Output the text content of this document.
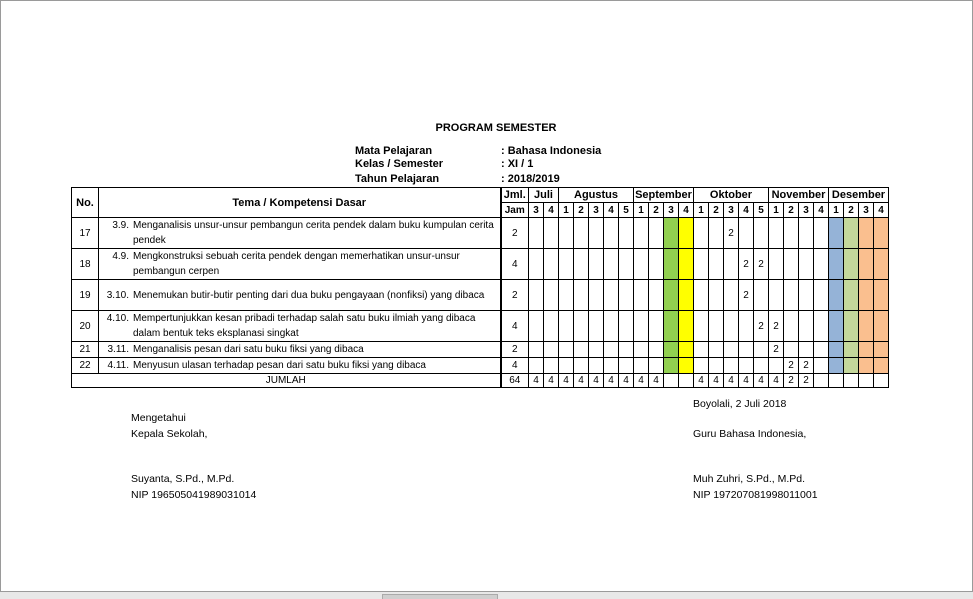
PROGRAM SEMESTER
Mata Pelajaran	: Bahasa Indonesia
Kelas / Semester	: XI / 1
Tahun Pelajaran	: 2018/2019
No.	Tema / Kompetensi Dasar	Jml.	Juli		Agustus					September				Oktober					November				Desember			
		Jam	3	4	1	2	3	4	5	1	2	3	4	1	2	3	4	5	1	2	3	4	1	2	3	4
17	3.9. Menganalisis unsur-unsur pembangun cerita pendek dalam buku kumpulan cerita pendek	2														2										
18	4.9. Mengkonstruksi sebuah cerita pendek dengan memerhatikan unsur-unsur pembangun cerpen	4															2	2								
19	3.10. Menemukan butir-butir penting dari dua buku pengayaan (nonfiksi) yang dibaca	2															2									
20	4.10. Mempertunjukkan kesan pribadi terhadap salah satu buku ilmiah yang dibaca dalam bentuk teks eksplanasi singkat	4																2	2							
21	3.11. Menganalisis pesan dari satu buku fiksi yang dibaca	2																	2							
22	4.11. Menyusun ulasan terhadap pesan dari satu buku fiksi yang dibaca	4																		2	2					
JUMLAH		64	4	4	4	4	4	4	4	4	4			4	4	4	4	4	4	2	2					
Boyolali, 2 Juli 2018
Mengetahui
Kepala Sekolah,	Guru Bahasa Indonesia,
Suyanta, S.Pd., M.Pd.	Muh Zuhri, S.Pd., M.Pd.
NIP 196505041989031014	NIP 197207081998011001
